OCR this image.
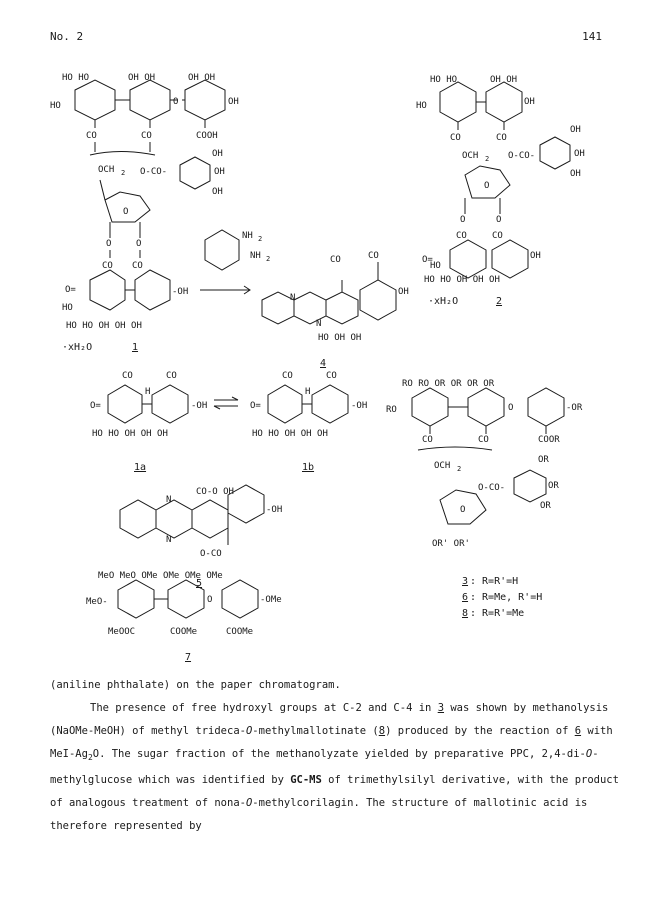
No. 2	141
O
HO HO	OH OH	OH OH
HO	OH
CO	CO	COOH
OCH 2 O-CO-
OH
OH
OH
O
O	O
CO CO
O=	-OH
HO
HO HO OH OH OH
·xH₂O	1
NH 2
NH 2	CO	CO
N
N
OH
HO OH OH
4
HO HO	OH OH
HO	OH
CO	CO
OCH 2 O-CO-
OH
OH
OH
O
O	O
CO	CO
O=	OH
HO
HO HO OH OH OH
·xH₂O	2
CO	CO
O=	-OH
H
HO HO OH OH OH
1a
CO	CO
O=	-OH
H
HO HO OH OH OH
1b
CO-O OH
N
N
-OH
O-CO
5
RO RO OR OR OR OR
O
RO	-OR
CO	CO	COOR
OCH 2
O-CO-
OR
OR
OR
O
OR' OR'
3 : R=R'=H
6 : R=Me, R'=H
8 : R=R'=Me
MeO MeO OMe OMe OMe OMe
O
MeO-	-OMe
MeOOC	COOMe	COOMe
7

(aniline phthalate) on the paper chromatogram.

The presence of free hydroxyl groups at C-2 and C-4 in 3 was shown by methanolysis (NaOMe-MeOH) of methyl trideca-O-methylmallotinate (8) produced by the reaction of 6 with MeI-$Ag_2O$. The sugar fraction of the methanolyzate yielded by preparative PPC, 2,4-di-O-methylglucose which was identified by GC-MS of trimethylsilyl derivative, with the product of analogous treatment of nona-O-methylcorilagin. The structure of mallotinic acid is therefore represented by
